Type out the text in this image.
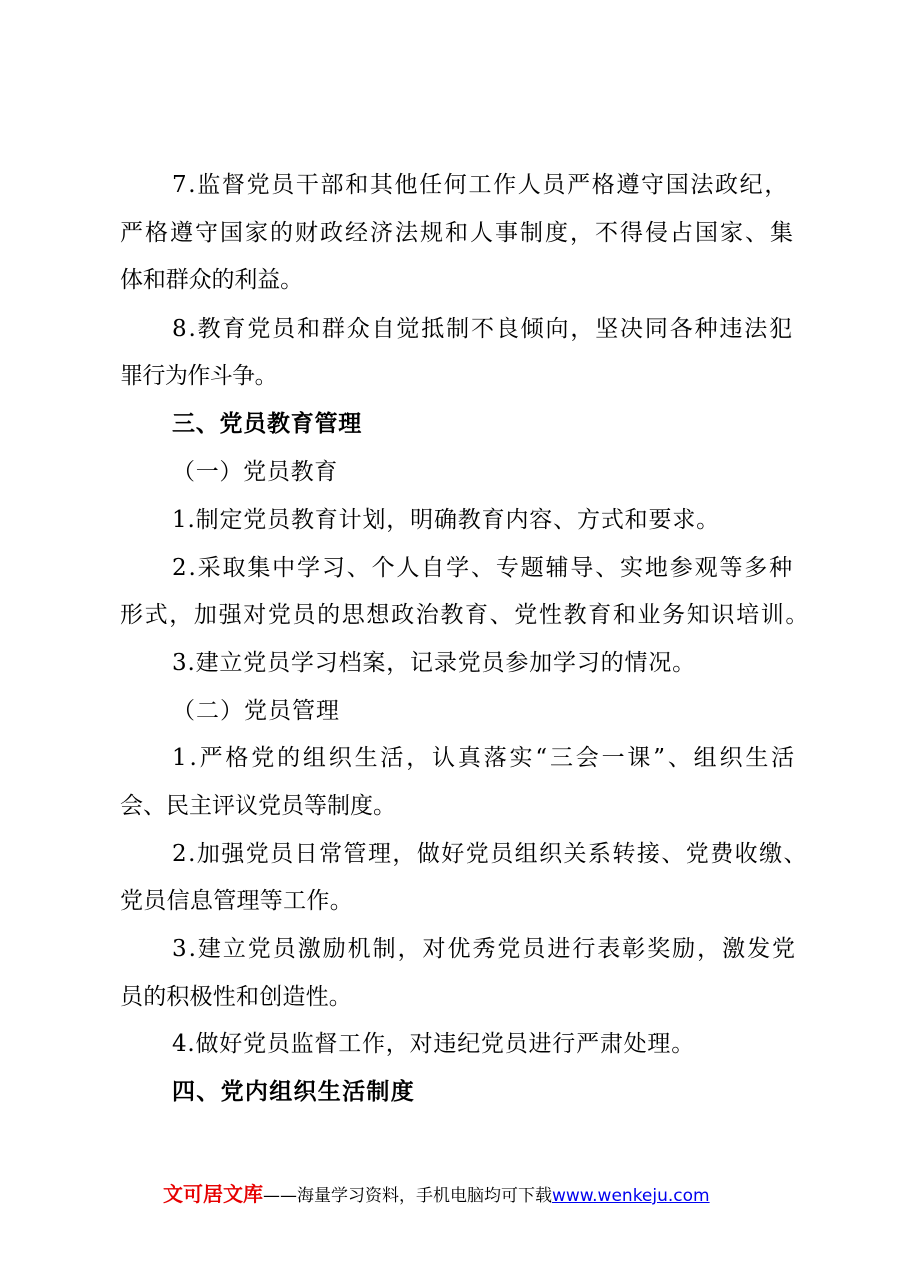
7.监督党员干部和其他任何工作人员严格遵守国法政纪，
严格遵守国家的财政经济法规和人事制度，不得侵占国家、集
体和群众的利益。
8.教育党员和群众自觉抵制不良倾向，坚决同各种违法犯
罪行为作斗争。
三、党员教育管理
（一）党员教育
1.制定党员教育计划，明确教育内容、方式和要求。
2.采取集中学习、个人自学、专题辅导、实地参观等多种
形式，加强对党员的思想政治教育、党性教育和业务知识培训。
3.建立党员学习档案，记录党员参加学习的情况。
（二）党员管理
1.严格党的组织生活，认真落实“三会一课”、组织生活
会、民主评议党员等制度。
2.加强党员日常管理，做好党员组织关系转接、党费收缴、
党员信息管理等工作。
3.建立党员激励机制，对优秀党员进行表彰奖励，激发党
员的积极性和创造性。
4.做好党员监督工作，对违纪党员进行严肃处理。
四、党内组织生活制度
文可居文库——海量学习资料，手机电脑均可下载www.wenkeju.com
